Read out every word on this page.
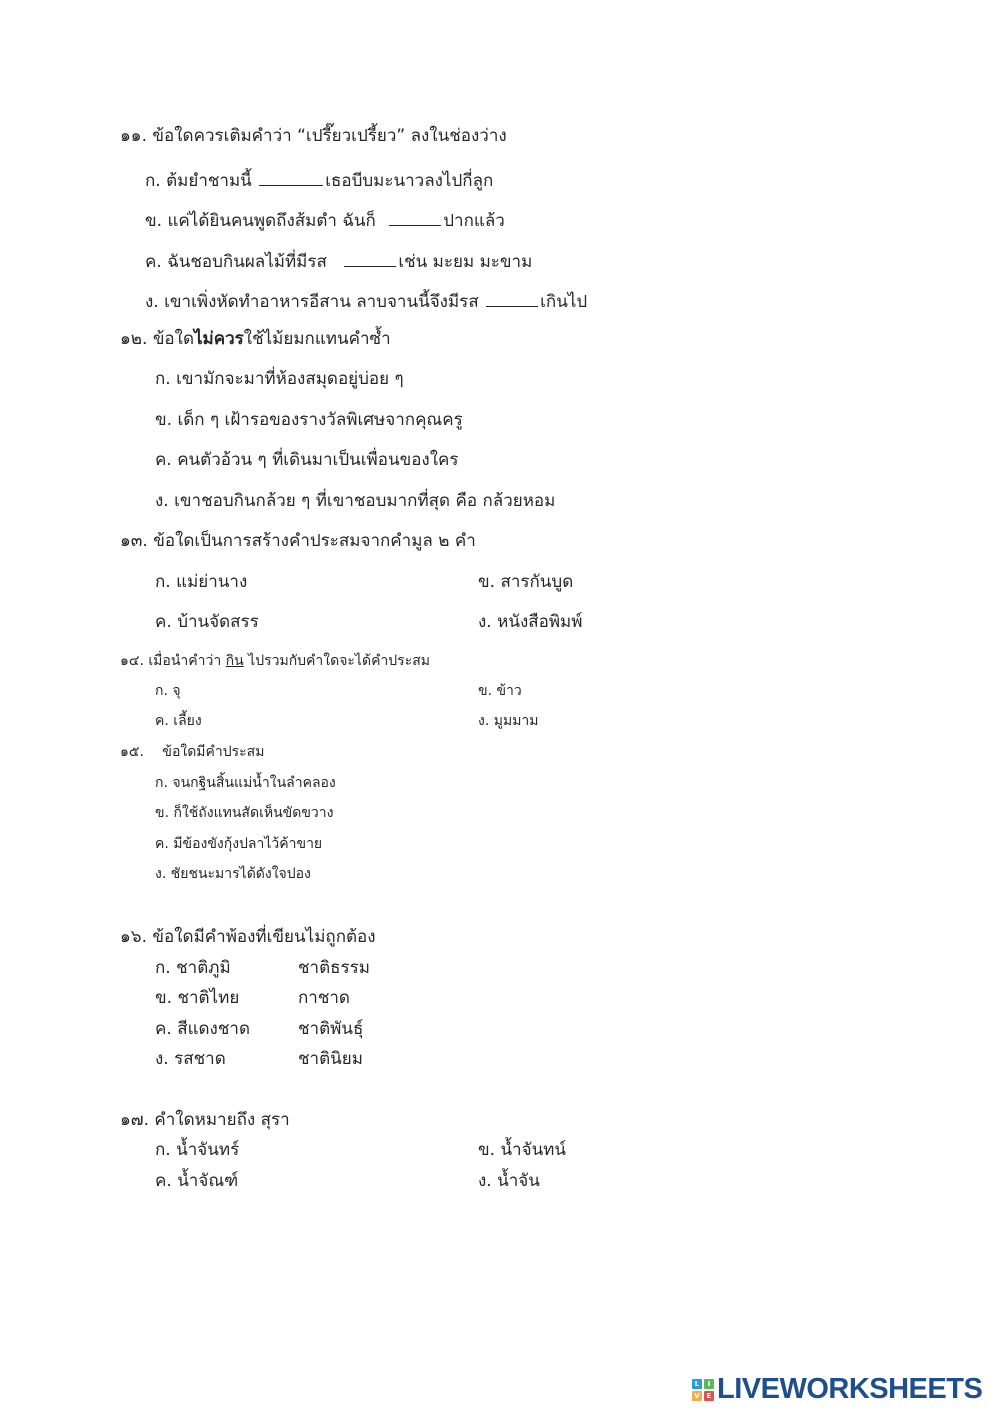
๑๑. ข้อใดควรเติมคำว่า “เปรี๊ยวเปรี้ยว” ลงในช่องว่าง
ก. ต้มยำชามนี้	เธอบีบมะนาวลงไปกี่ลูก
ข. แค่ได้ยินคนพูดถึงส้มตำ ฉันก็	ปากแล้ว
ค. ฉันชอบกินผลไม้ที่มีรส	เช่น มะยม มะขาม
ง. เขาเพิ่งหัดทำอาหารอีสาน ลาบจานนี้จึงมีรส	เกินไป
๑๒. ข้อใดไม่ควรใช้ไม้ยมกแทนคำซ้ำ
ก. เขามักจะมาที่ห้องสมุดอยู่บ่อย ๆ
ข. เด็ก ๆ เฝ้ารอของรางวัลพิเศษจากคุณครู
ค. คนตัวอ้วน ๆ ที่เดินมาเป็นเพื่อนของใคร
ง. เขาชอบกินกล้วย ๆ ที่เขาชอบมากที่สุด คือ กล้วยหอม
๑๓. ข้อใดเป็นการสร้างคำประสมจากคำมูล ๒ คำ
ก. แม่ย่านาง	ข. สารกันบูด
ค. บ้านจัดสรร	ง. หนังสือพิมพ์
๑๔. เมื่อนำคำว่า กิน ไปรวมกับคำใดจะได้คำประสม
ก. จุ	ข. ข้าว
ค. เลี้ยง	ง. มูมมาม
๑๕. ข้อใดมีคำประสม
ก. จนกฐินสิ้นแม่น้ำในลำคลอง
ข. ก็ใช้ถังแทนสัดเห็นขัดขวาง
ค. มีข้องขังกุ้งปลาไว้ค้าขาย
ง. ชัยชนะมารได้ดังใจปอง
๑๖. ข้อใดมีคำพ้องที่เขียนไม่ถูกต้อง
ก. ชาติภูมิ	ชาติธรรม
ข. ชาติไทย	กาชาด
ค. สีแดงชาด	ชาติพันธุ์
ง. รสชาด	ชาตินิยม
๑๗. คำใดหมายถึง สุรา
ก. น้ำจันทร์	ข. น้ำจันทน์
ค. น้ำจัณฑ์	ง. น้ำจัน
L	I
V E LIVEWORKSHEETS
